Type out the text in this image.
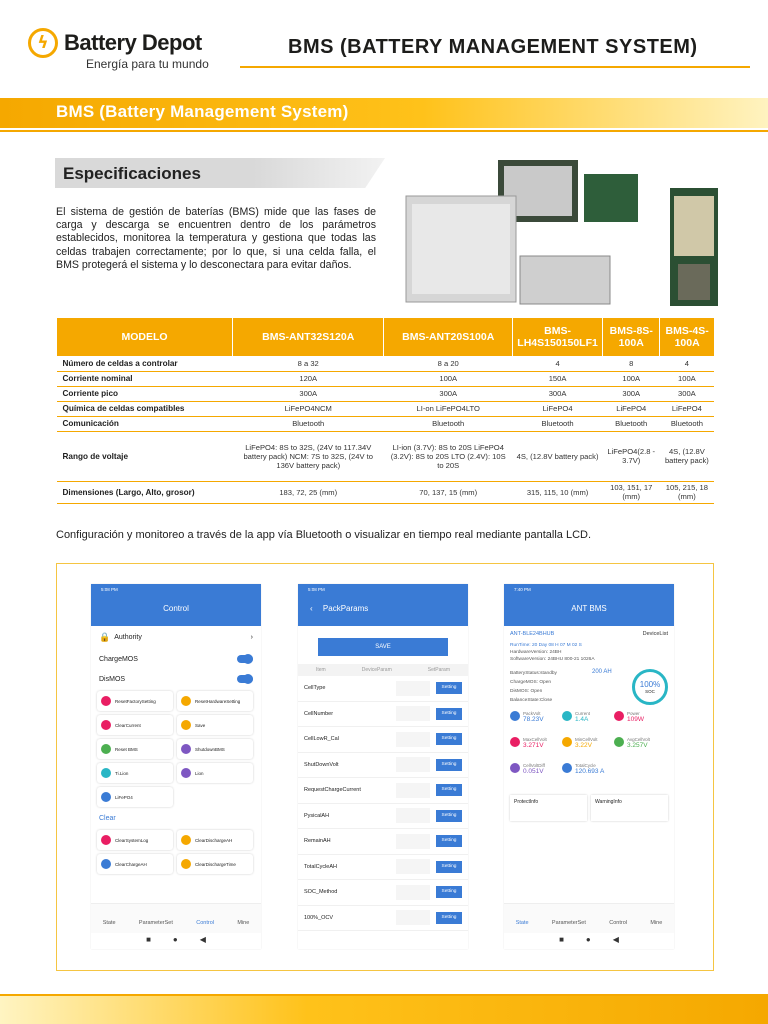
ϟ Battery Depot
Energía para tu mundo
BMS (BATTERY MANAGEMENT SYSTEM)
BMS (Battery Management System)
Especificaciones

El sistema de gestión de baterías (BMS) mide que las fases de carga y descarga se encuentren dentro de los parámetros establecidos, monitorea la temperatura y gestiona que todas las celdas trabajen correctamente; por lo que, si una celda falla, el BMS protegerá el sistema y lo desconectara para evitar daños.

MODELO	BMS-ANT32S120A	BMS-ANT20S100A	BMS-LH4S150150LF1	BMS-8S-100A	BMS-4S-100A
Número de celdas a controlar	8 a 32	8 a 20	4	8	4
Corriente nominal	120A	100A	150A	100A	100A
Corriente pico	300A	300A	300A	300A	300A
Química de celdas compatibles	LiFePO4NCM	LI-on LiFePO4LTO	LiFePO4	LiFePO4	LiFePO4
Comunicación	Bluetooth	Bluetooth	Bluetooth	Bluetooth	Bluetooth
Rango de voltaje	LiFePO4: 8S to 32S, (24V to 117.34V battery pack) NCM: 7S to 32S, (24V to 136V battery pack)	LI-ion (3.7V): 8S to 20S LiFePO4 (3.2V): 8S to 20S LTO (2.4V): 10S to 20S	4S, (12.8V battery pack)	LiFePO4(2.8 - 3.7V)	4S, (12.8V battery pack)
Dimensiones (Largo, Alto, grosor)	183, 72, 25 (mm)	70, 137, 15 (mm)	315, 115, 10 (mm)	103, 151, 17 (mm)	105, 215, 18 (mm)
Configuración y monitoreo a través de la app vía Bluetooth o visualizar en tiempo real mediante pantalla LCD.
5:08 PM
Control
🔒 Authority	›
ChargeMOS
DisMOS
ResetFactorySetting	ResetHardwareSetting
ClearCurrent	Save
Reset BMS	ShutdownBMS
Ti.Lion	Lion
LiFePO4
Clear
ClearSystemLog	ClearDischargeAH
ClearChargeAH	ClearDischargeTime
State	ParameterSet	Control	Mine
■●◀
5:08 PM
‹ PackParams
SAVE
Item	DeviceParam	SetParam
CellType	Setting
CellNumber	Setting
CellLowR_Cal	Setting
ShutDownVolt	Setting
RequestChargeCurrent	Setting
PysicalAH	Setting
RemainAH	Setting
TotalCycleAH	Setting
SOC_Method	Setting
100%_OCV	Setting
7:40 PM
ANT BMS
ANT-BLE24BHUB	DeviceList
RunTime: 20 Day 08 H 07 M 02 S
HardwareVersion: 24BH
SoftwareVersion: 24BHU 800-21 1026A
BatteryStatus:standby
ChargeMOS: Open
DisMOS: Open
BalanceState:Close
200 AH
100%
SOC
PackVolt
78.23V
Current
1.4A
Power
109W
MaxCellVolt
3.271V
MinCellVolt
3.22V
AvgCellVolt
3.257V
CellVoltDiff
0.051V
TotalCycle
120.693 A
ProtectInfo	WarningInfo
State	ParameterSet	Control	Mine
■●◀
